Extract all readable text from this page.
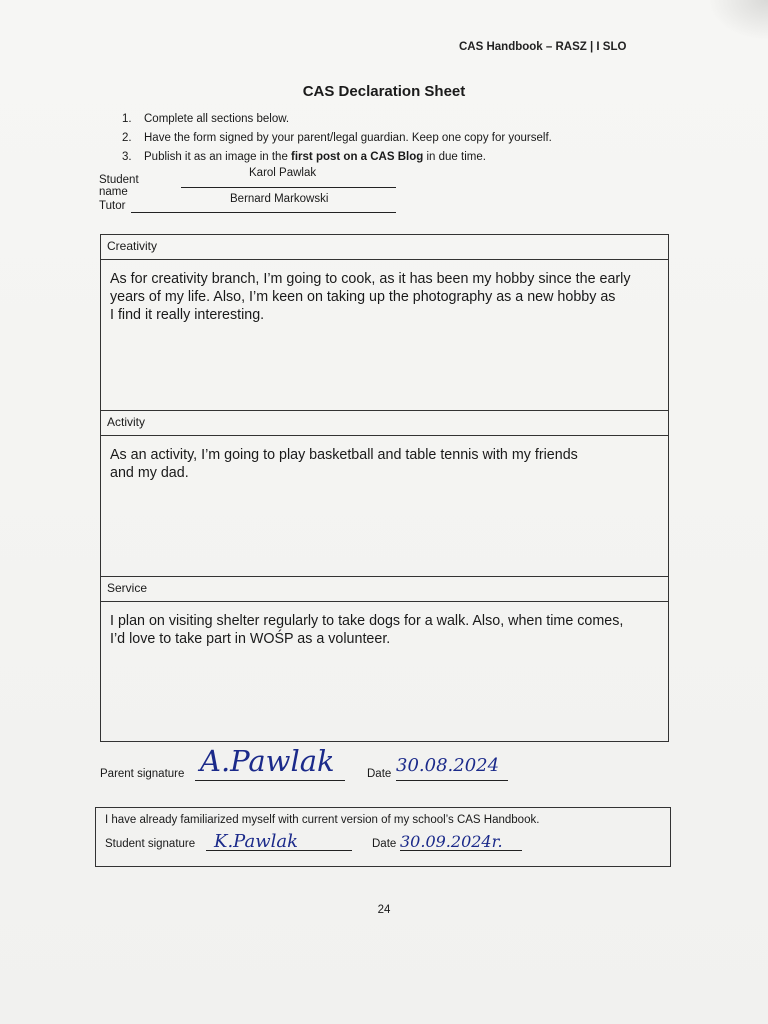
CAS Handbook – RASZ | I SLO
CAS Declaration Sheet
1.	Complete all sections below.
2.	Have the form signed by your parent/legal guardian. Keep one copy for yourself.
3.	Publish it as an image in the first post on a CAS Blog in due time.
Student name
Karol Pawlak
Tutor
Bernard Markowski
Creativity
As for creativity branch, I’m going to cook, as it has been my hobby since the early
years of my life. Also, I’m keen on taking up the photography as a new hobby as
I find it really interesting.
Activity
As an activity, I’m going to play basketball and table tennis with my friends
and my dad.
Service
I plan on visiting shelter regularly to take dogs for a walk. Also, when time comes,
I’d love to take part in WOŚP as a volunteer.
Parent signature A.Pawlak	Date 30.08.2024
I have already familiarized myself with current version of my school’s CAS Handbook.
Student signature K.Pawlak	Date 30.09.2024r.
24
